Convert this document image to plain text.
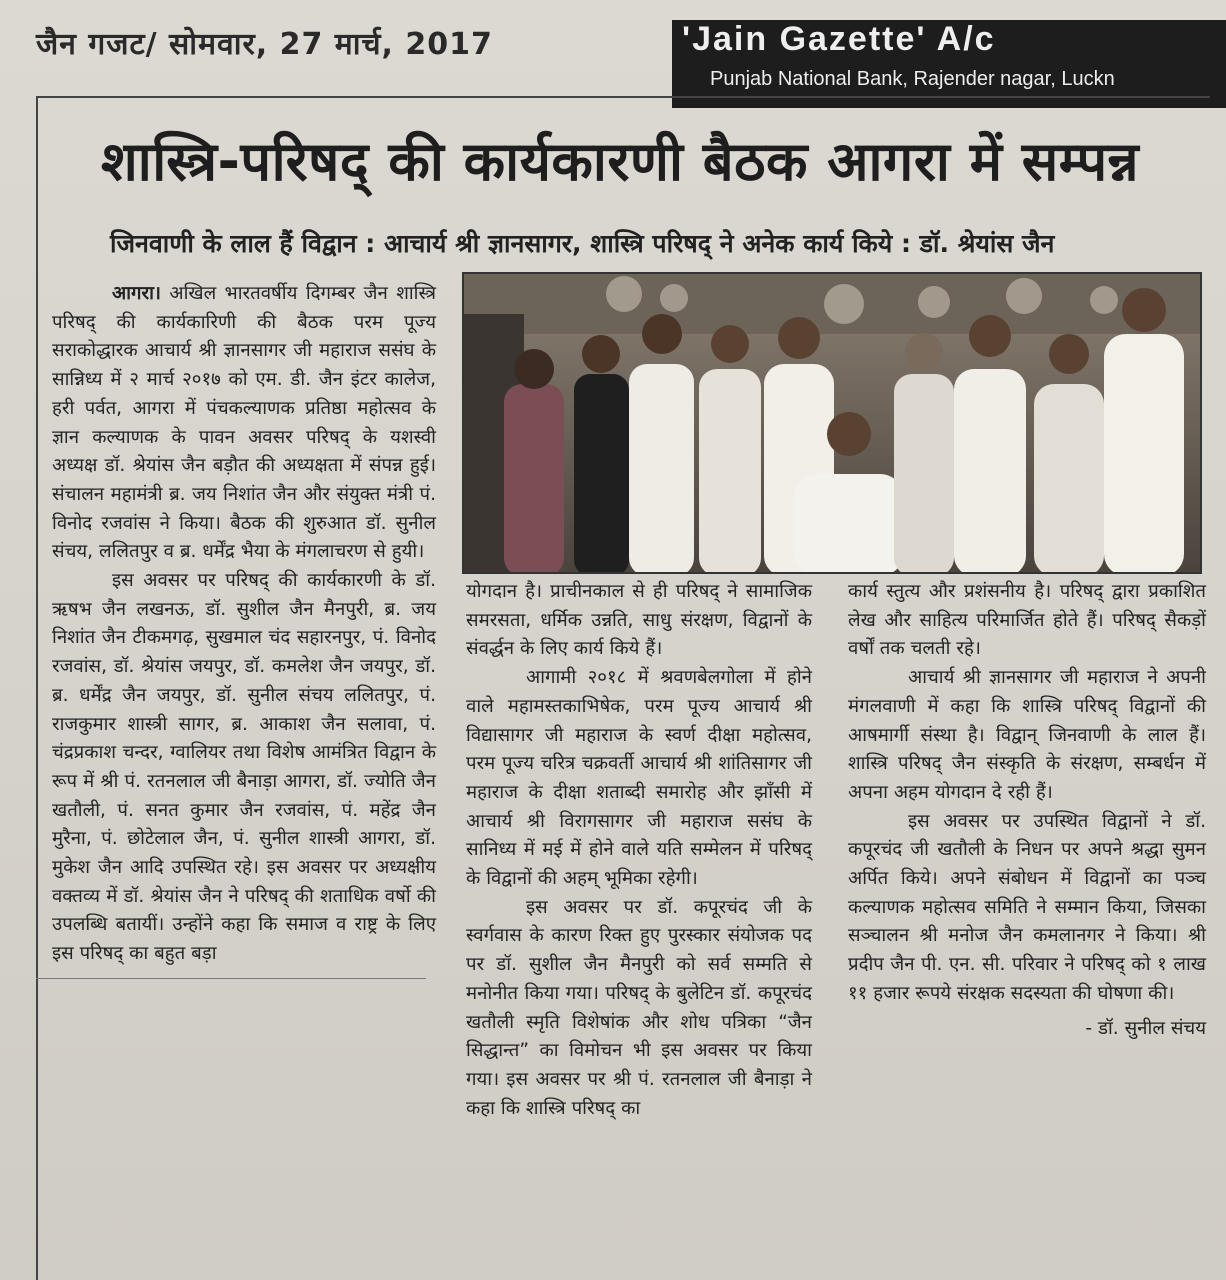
जैन गजट/ सोमवार, 27 मार्च, 2017	'Jain Gazette' A/c
Punjab National Bank, Rajender nagar, Luckn
शास्त्रि-परिषद् की कार्यकारणी बैठक आगरा में सम्पन्न
जिनवाणी के लाल हैं विद्वान : आचार्य श्री ज्ञानसागर, शास्त्रि परिषद् ने अनेक कार्य किये : डॉ. श्रेयांस जैन

आगरा। अखिल भारतवर्षीय दिगम्बर जैन शास्त्रि परिषद् की कार्यकारिणी की बैठक परम पूज्य सराकोद्धारक आचार्य श्री ज्ञानसागर जी महाराज ससंघ के सान्निध्य में २ मार्च २०१७ को एम. डी. जैन इंटर कालेज, हरी पर्वत, आगरा में पंचकल्याणक प्रतिष्ठा महोत्सव के ज्ञान कल्याणक के पावन अवसर परिषद् के यशस्वी अध्यक्ष डॉ. श्रेयांस जैन बड़ौत की अध्यक्षता में संपन्न हुई। संचालन महामंत्री ब्र. जय निशांत जैन और संयुक्त मंत्री पं. विनोद रजवांस ने किया। बैठक की शुरुआत डॉ. सुनील संचय, ललितपुर व ब्र. धर्मेंद्र भैया के मंगलाचरण से हुयी।

इस अवसर पर परिषद् की कार्यकारणी के डॉ. ऋषभ जैन लखनऊ, डॉ. सुशील जैन मैनपुरी, ब्र. जय निशांत जैन टीकमगढ़, सुखमाल चंद सहारनपुर, पं. विनोद रजवांस, डॉ. श्रेयांस जयपुर, डॉ. कमलेश जैन जयपुर, डॉ. ब्र. धर्मेंद्र जैन जयपुर, डॉ. सुनील संचय ललितपुर, पं. राजकुमार शास्त्री सागर, ब्र. आकाश जैन सलावा, पं. चंद्रप्रकाश चन्दर, ग्वालियर तथा विशेष आमंत्रित विद्वान के रूप में श्री पं. रतनलाल जी बैनाड़ा आगरा, डॉ. ज्योति जैन खतौली, पं. सनत कुमार जैन रजवांस, पं. महेंद्र जैन मुरैना, पं. छोटेलाल जैन, पं. सुनील शास्त्री आगरा, डॉ. मुकेश जैन आदि उपस्थित रहे। इस अवसर पर अध्यक्षीय वक्तव्य में डॉ. श्रेयांस जैन ने परिषद् की शताधिक वर्षो की उपलब्धि बतायीं। उन्होंने कहा कि समाज व राष्ट्र के लिए इस परिषद् का बहुत बड़ा

योगदान है। प्राचीनकाल से ही परिषद् ने सामाजिक समरसता, धर्मिक उन्नति, साधु संरक्षण, विद्वानों के संवर्द्धन के लिए कार्य किये हैं।

आगामी २०१८ में श्रवणबेलगोला में होने वाले महामस्तकाभिषेक, परम पूज्य आचार्य श्री विद्यासागर जी महाराज के स्वर्ण दीक्षा महोत्सव, परम पूज्य चरित्र चक्रवर्ती आचार्य श्री शांतिसागर जी महाराज के दीक्षा शताब्दी समारोह और झाँसी में आचार्य श्री विरागसागर जी महाराज ससंघ के सानिध्य में मई में होने वाले यति सम्मेलन में परिषद् के विद्वानों की अहम् भूमिका रहेगी।

इस अवसर पर डॉ. कपूरचंद जी के स्वर्गवास के कारण रिक्त हुए पुरस्कार संयोजक पद पर डॉ. सुशील जैन मैनपुरी को सर्व सम्मति से मनोनीत किया गया। परिषद् के बुलेटिन डॉ. कपूरचंद खतौली स्मृति विशेषांक और शोध पत्रिका “जैन सिद्धान्त” का विमोचन भी इस अवसर पर किया गया। इस अवसर पर श्री पं. रतनलाल जी बैनाड़ा ने कहा कि शास्त्रि परिषद् का

कार्य स्तुत्य और प्रशंसनीय है। परिषद् द्वारा प्रकाशित लेख और साहित्य परिमार्जित होते हैं। परिषद् सैकड़ों वर्षों तक चलती रहे।

आचार्य श्री ज्ञानसागर जी महाराज ने अपनी मंगलवाणी में कहा कि शास्त्रि परिषद् विद्वानों की आषमार्गी संस्था है। विद्वान् जिनवाणी के लाल हैं। शास्त्रि परिषद् जैन संस्कृति के संरक्षण, सम्बर्धन में अपना अहम योगदान दे रही हैं।

इस अवसर पर उपस्थित विद्वानों ने डॉ. कपूरचंद जी खतौली के निधन पर अपने श्रद्धा सुमन अर्पित किये। अपने संबोधन में विद्वानों का पञ्च कल्याणक महोत्सव समिति ने सम्मान किया, जिसका सञ्चालन श्री मनोज जैन कमलानगर ने किया। श्री प्रदीप जैन पी. एन. सी. परिवार ने परिषद् को १ लाख ११ हजार रूपये संरक्षक सदस्यता की घोषणा की।

- डॉ. सुनील संचय
